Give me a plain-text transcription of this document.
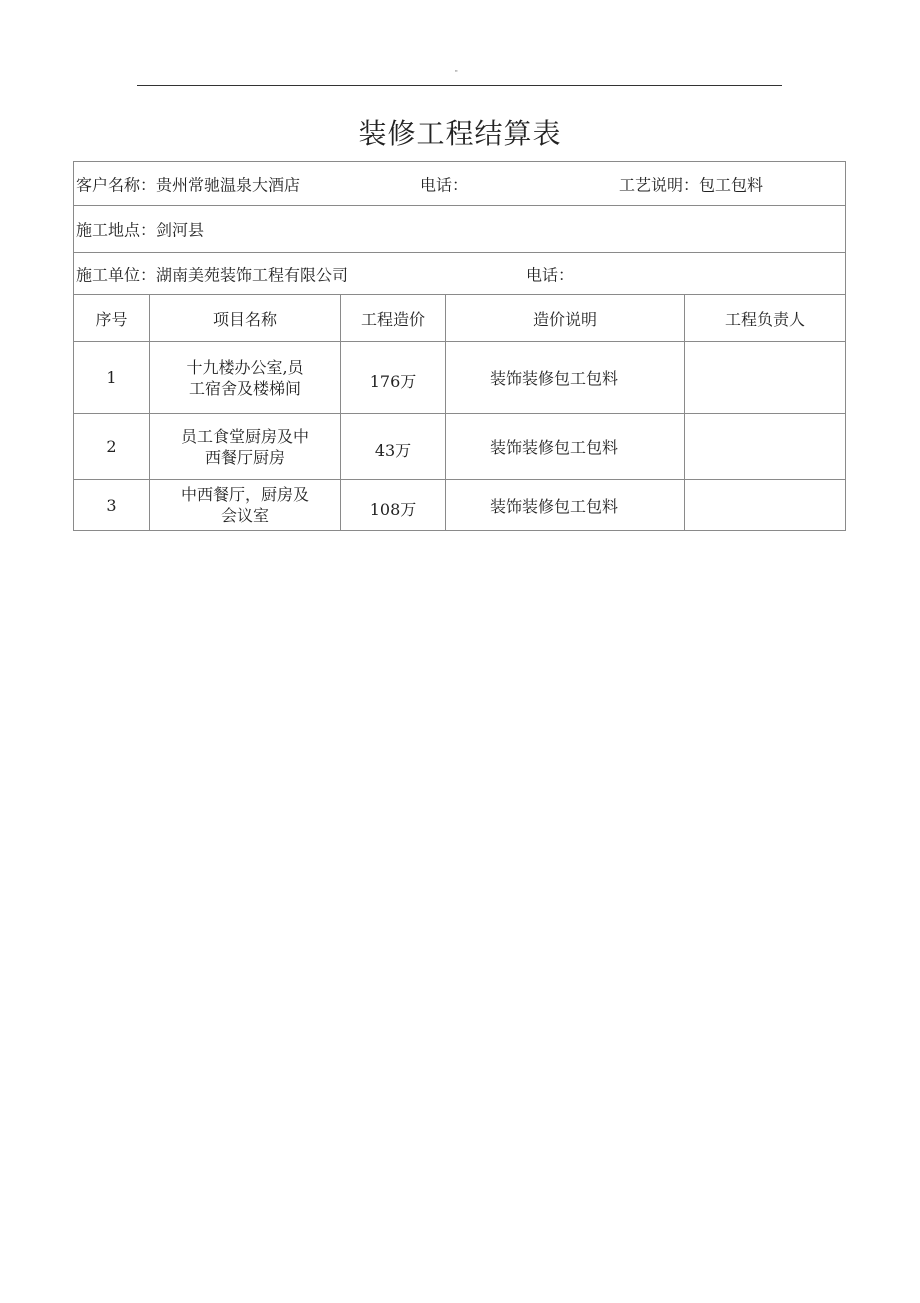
"
装修工程结算表
客户名称：贵州常驰温泉大酒店 电话： 工艺说明：包工包料				

施工地点：剑河县				

施工单位：湖南美苑装饰工程有限公司 电话：				

序号	项目名称	工程造价	造价说明	工程负责人
1	十九楼办公室,员
工宿舍及楼梯间	176万	装饰装修包工包料	
2	员工食堂厨房及中
西餐厅厨房	43万	装饰装修包工包料	
3	中西餐厅，厨房及
会议室	108万	装饰装修包工包料	
